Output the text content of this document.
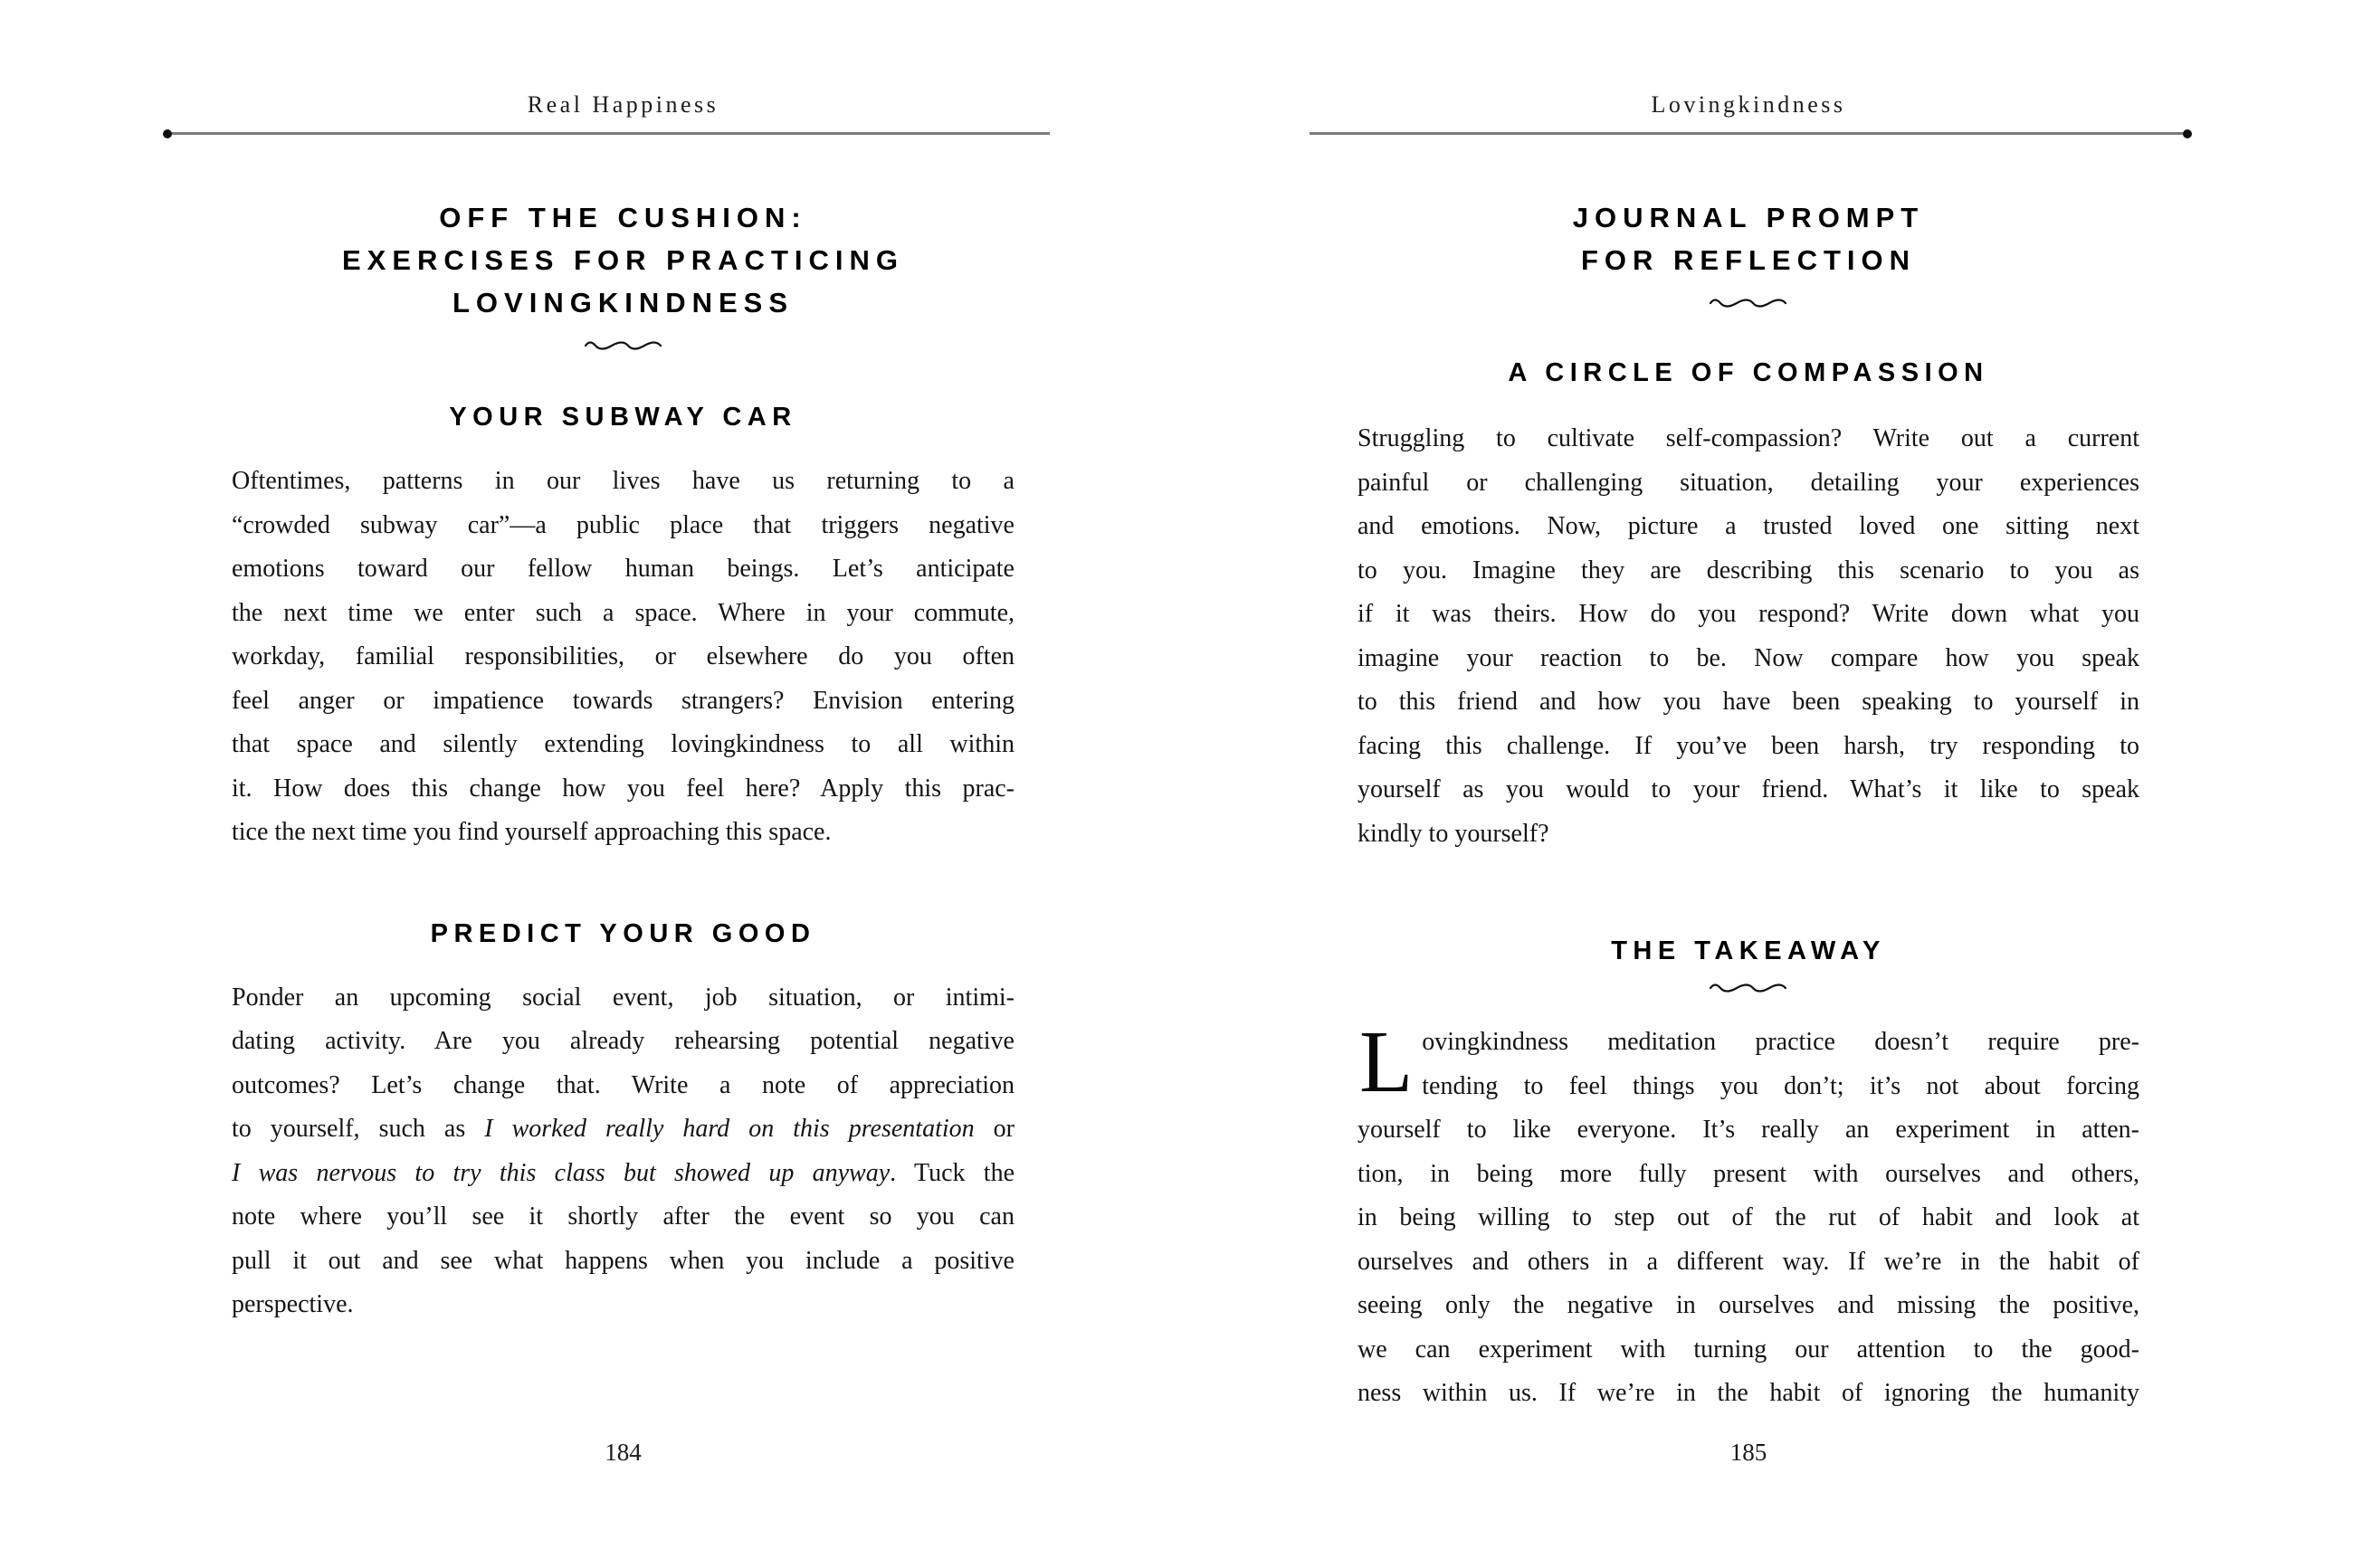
Real Happiness	Lovingkindness
OFF THE CUSHION:
EXERCISES FOR PRACTICING
LOVINGKINDNESS
YOUR SUBWAY CAR
Oftentimes, patterns in our lives have us returning to a
“crowded subway car”—a public place that triggers negative
emotions toward our fellow human beings. Let’s anticipate
the next time we enter such a space. Where in your commute,
workday, familial responsibilities, or elsewhere do you often
feel anger or impatience towards strangers? Envision entering
that space and silently extending lovingkindness to all within
it. How does this change how you feel here? Apply this prac-
tice the next time you find yourself approaching this space.
PREDICT YOUR GOOD
Ponder an upcoming social event, job situation, or intimi-
dating activity. Are you already rehearsing potential negative
outcomes? Let’s change that. Write a note of appreciation
to yourself, such as I worked really hard on this presentation or
I was nervous to try this class but showed up anyway. Tuck the
note where you’ll see it shortly after the event so you can
pull it out and see what happens when you include a positive
perspective.
184
JOURNAL PROMPT
FOR REFLECTION
A CIRCLE OF COMPASSION
Struggling to cultivate self-compassion? Write out a current
painful or challenging situation, detailing your experiences
and emotions. Now, picture a trusted loved one sitting next
to you. Imagine they are describing this scenario to you as
if it was theirs. How do you respond? Write down what you
imagine your reaction to be. Now compare how you speak
to this friend and how you have been speaking to yourself in
facing this challenge. If you’ve been harsh, try responding to
yourself as you would to your friend. What’s it like to speak
kindly to yourself?
THE TAKEAWAY
L ovingkindness meditation practice doesn’t require pre-
tending to feel things you don’t; it’s not about forcing
yourself to like everyone. It’s really an experiment in atten-
tion, in being more fully present with ourselves and others,
in being willing to step out of the rut of habit and look at
ourselves and others in a different way. If we’re in the habit of
seeing only the negative in ourselves and missing the positive,
we can experiment with turning our attention to the good-
ness within us. If we’re in the habit of ignoring the humanity
185
